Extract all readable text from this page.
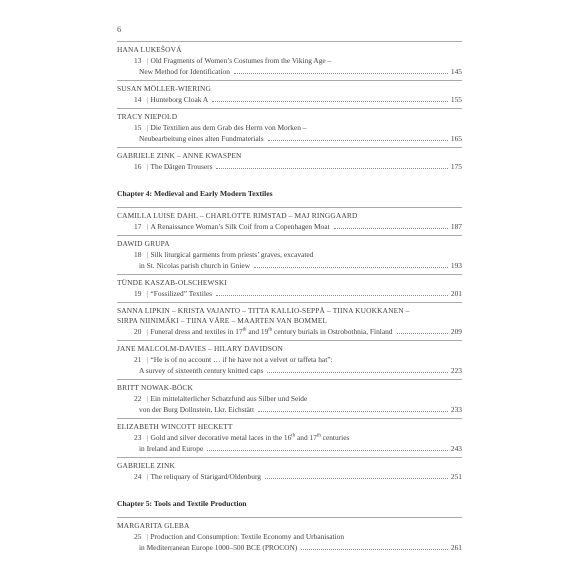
6
HANA LUKEŠOVÁ
13 | Old Fragments of Women’s Costumes from the Viking Age –
New Method for Identification	145
SUSAN MÖLLER-WIERING
14 | Hunteborg Cloak A	155
TRACY NIEPOLD
15 | Die Textilien aus dem Grab des Herrn von Morken –
Neubearbeitung eines alten Fundmaterials	165
GABRIELE ZINK – ANNE KWASPEN
16 | The Dätgen Trousers	175
Chapter 4: Medieval and Early Modern Textiles
CAMILLA LUISE DAHL – CHARLOTTE RIMSTAD – MAJ RINGGAARD
17 | A Renaissance Woman’s Silk Coif from a Copenhagen Moat	187
DAWID GRUPA
18 | Silk liturgical garments from priests’ graves, excavated
in St. Nicolas parish church in Gniew	193
TÜNDE KASZAB-OLSCHEWSKI
19 | “Fossilized” Textiles	201
SANNA LIPKIN – KRISTA VAJANTO – TITTA KALLIO-SEPPÄ – TIINA KUOKKANEN –
SIRPA NIINIMÄKI – TIINA VÄRE – MAARTEN VAN BOMMEL
20 | Funeral dress and textiles in 17th and 19th century burials in Ostrobothnia, Finland	209
JANE MALCOLM-DAVIES – HILARY DAVIDSON
21 | “He is of no account … if he have not a velvet or taffeta hat”:
A survey of sixteenth century knitted caps	223
BRITT NOWAK-BÖCK
22 | Ein mittelalterlicher Schatzfund aus Silber und Seide
von der Burg Dollnstein, Lkr. Eichstätt	233
ELIZABETH WINCOTT HECKETT
23 | Gold and silver decorative metal laces in the 16th and 17th centuries
in Ireland and Europe	243
GABRIELE ZINK
24 | The reliquary of Starigard/Oldenburg	251
Chapter 5: Tools and Textile Production
MARGARITA GLEBA
25 | Production and Consumption: Textile Economy and Urbanisation
in Mediterranean Europe 1000–500 BCE (PROCON)	261
